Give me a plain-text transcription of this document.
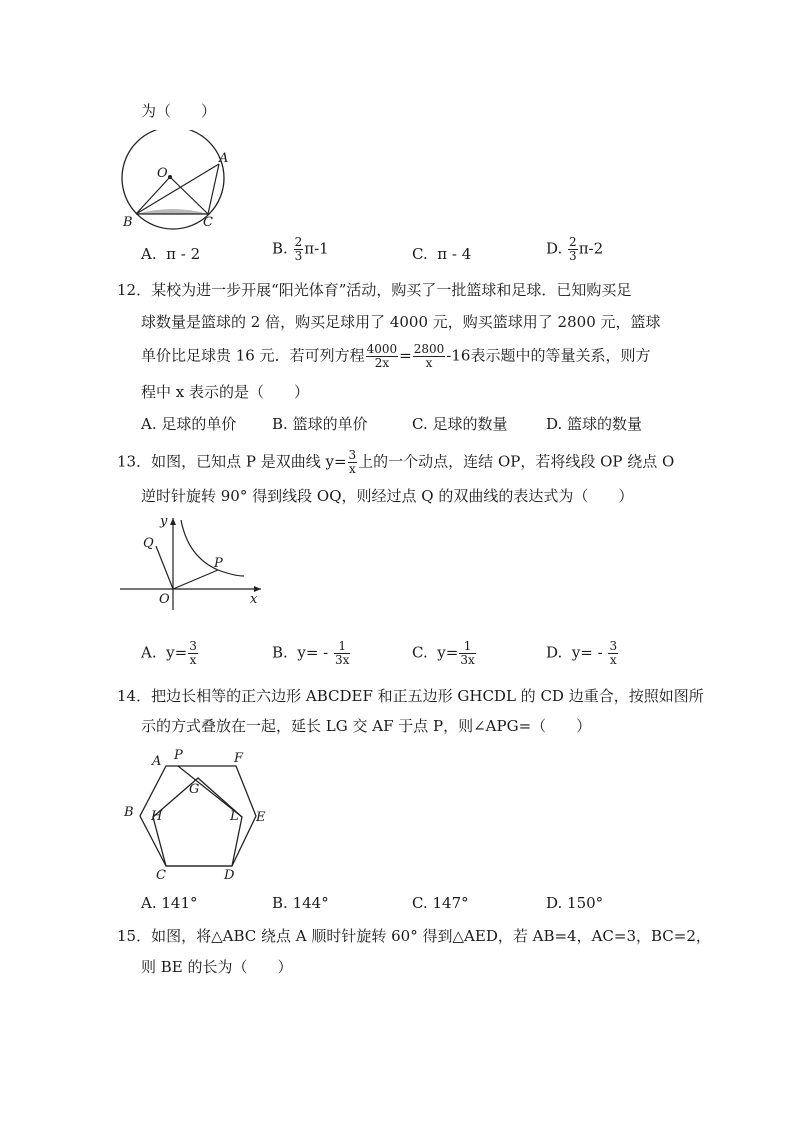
为（　　）
O
A
B	C
A. π - 2	B. $\frac{2}{3} \pi-1$	C. π - 4	D. $\frac{2}{3} \pi-2$
12．某校为进一步开展“阳光体育”活动，购买了一批篮球和足球．已知购买足
球数量是篮球的 2 倍，购买足球用了 4000 元，购买篮球用了 2800 元，篮球
单价比足球贵 16 元．若可列方程 $\frac{4000}{2x} = \frac{2800}{x} -16$表示题中的等量关系，则方
程中 x 表示的是（　　）
A. 足球的单价 B. 篮球的单价	C. 足球的数量	D. 篮球的数量
13．如图，已知点 P 是双曲线 $y= \frac{3}{x}$ 上的一个动点，连结 OP，若将线段 OP 绕点 O
逆时针旋转 90° 得到线段 OQ，则经过点 Q 的双曲线的表达式为（　　）
y
Q
P
O	x
A. $y= \frac{3}{x}$	B. $y= - \frac{1}{3x}$	C. $y= \frac{1}{3x}$	D. $y= - \frac{3}{x}$
14．把边长相等的正六边形 ABCDEF 和正五边形 GHCDL 的 CD 边重合，按照如图所
示的方式叠放在一起，延长 LG 交 AF 于点 P，则∠APG=（　　）
A P	F
G
B H	L E
C	D
A. 141°	B. 144°	C. 147°	D. 150°
15．如图，将△ABC 绕点 A 顺时针旋转 60° 得到△AED，若 AB=4，AC=3，BC=2，
则 BE 的长为（　　）
